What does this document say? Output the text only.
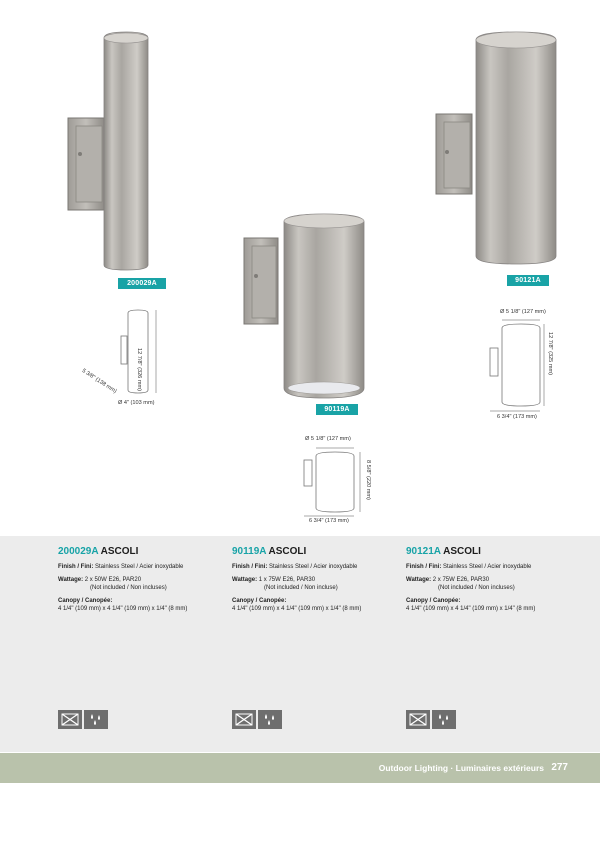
200029A
90119A
90121A
12 7/8" (326 mm)
5 3/8" (138 mm)
Ø 4" (103 mm)
Ø 5 1/8" (127 mm)
8 5/8" (220 mm)
6 3/4" (173 mm)
Ø 5 1/8" (127 mm)
12 7/8" (325 mm)
6 3/4" (173 mm)
200029A ASCOLI

Finish / Fini: Stainless Steel / Acier inoxydable

Wattage: 2 x 50W E26, PAR20

(Not included / Non incluses)

Canopy / Canopée:

4 1/4" (109 mm) x 4 1/4" (109 mm) x 1/4" (8 mm)

90119A ASCOLI

Finish / Fini: Stainless Steel / Acier inoxydable

Wattage: 1 x 75W E26, PAR30

(Not included / Non incluse)

Canopy / Canopée:

4 1/4" (109 mm) x 4 1/4" (109 mm) x 1/4" (8 mm)

90121A ASCOLI

Finish / Fini: Stainless Steel / Acier inoxydable

Wattage: 2 x 75W E26, PAR30

(Not included / Non incluses)

Canopy / Canopée:

4 1/4" (109 mm) x 4 1/4" (109 mm) x 1/4" (8 mm)

Outdoor Lighting · Luminaires extérieurs 277
